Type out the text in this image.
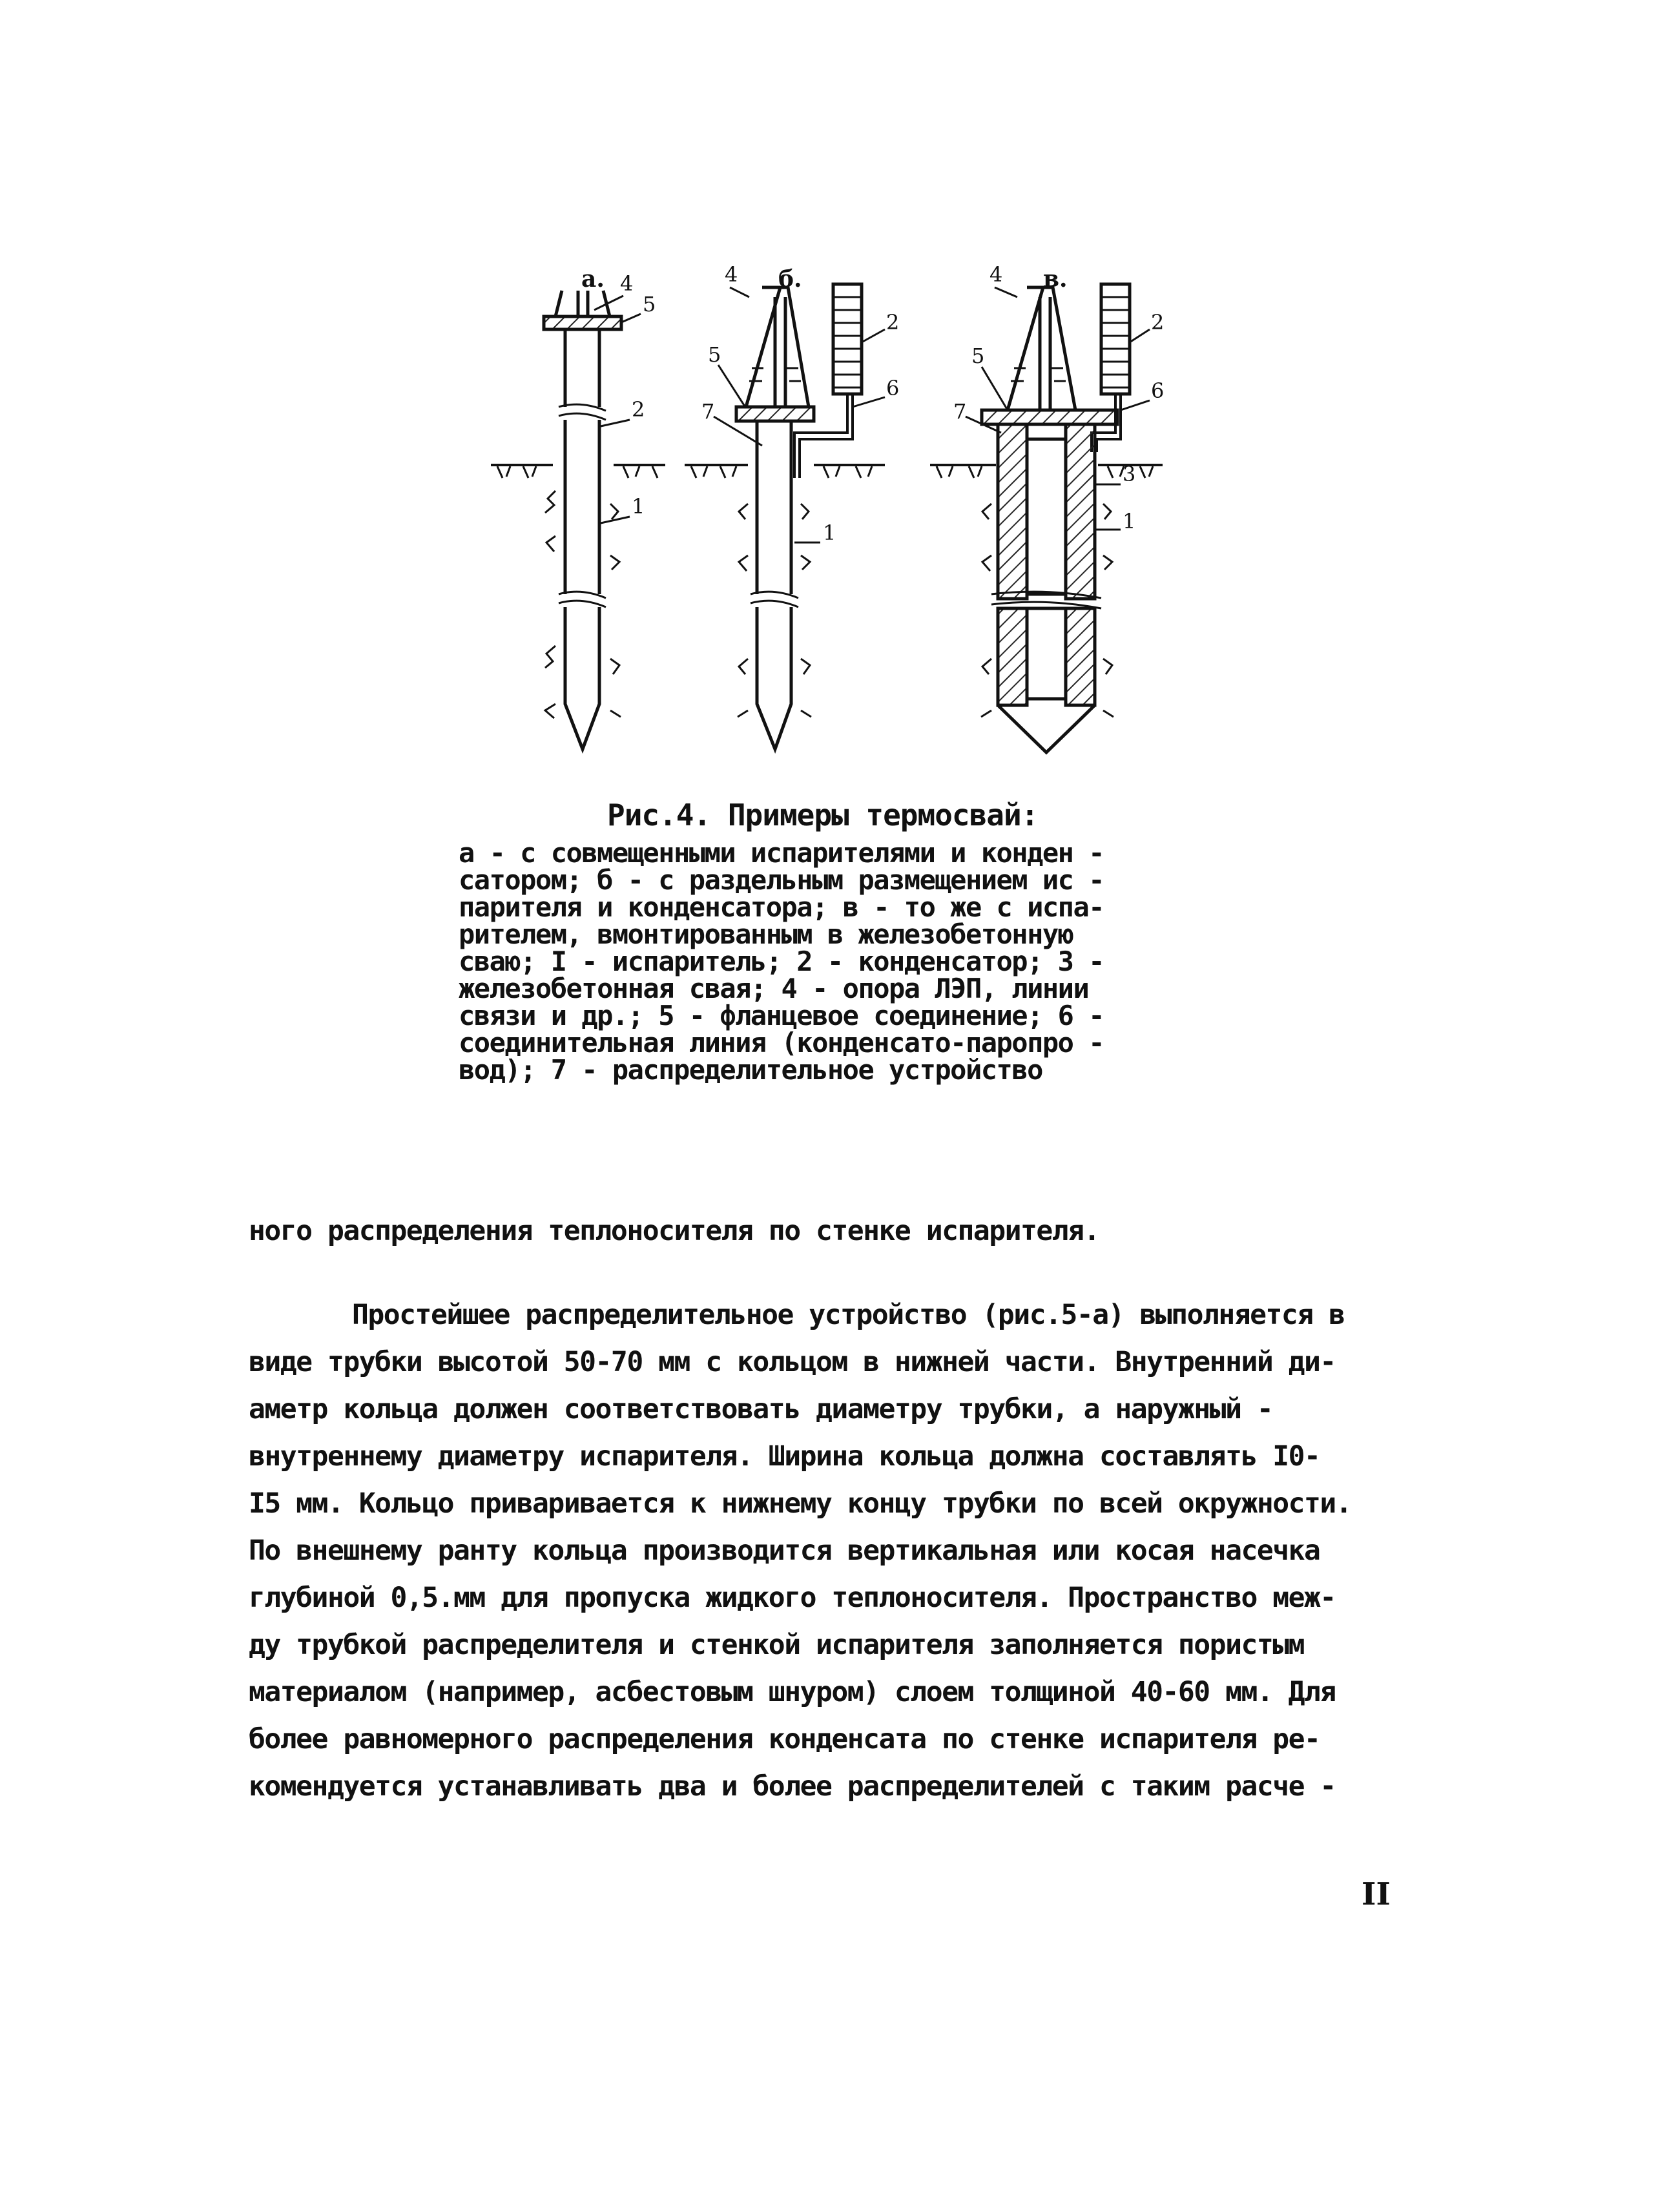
а. 4
5
2
1
б.
4
2
5
6
7
1
в.
4
2
5
6
7
3
1
Рис.4. Примеры термосвай:
а - с совмещенными испарителями и конден -
сатором; б - с раздельным размещением ис -
парителя и конденсатора; в - то же с испа-
рителем, вмонтированным в железобетонную
сваю; I - испаритель; 2 - конденсатор; 3 -
железобетонная свая; 4 - опора ЛЭП, линии
связи и др.; 5 - фланцевое соединение; 6 -
соединительная линия (конденсато-паропро -
вод); 7 - распределительное устройство
ного распределения теплоносителя по стенке испарителя.
Простейшее распределительное устройство (рис.5-а) выполняется в
виде трубки высотой 50-70 мм с кольцом в нижней части. Внутренний ди-
аметр кольца должен соответствовать диаметру трубки, а наружный -
внутреннему диаметру испарителя. Ширина кольца должна составлять I0-
I5 мм. Кольцо приваривается к нижнему концу трубки по всей окружности.
По внешнему ранту кольца производится вертикальная или косая насечка
глубиной 0,5.мм для пропуска жидкого теплоносителя. Пространство меж-
ду трубкой распределителя и стенкой испарителя заполняется пористым
материалом (например, асбестовым шнуром) слоем толщиной 40-60 мм. Для
более равномерного распределения конденсата по стенке испарителя ре-
комендуется устанавливать два и более распределителей с таким расче -
II
